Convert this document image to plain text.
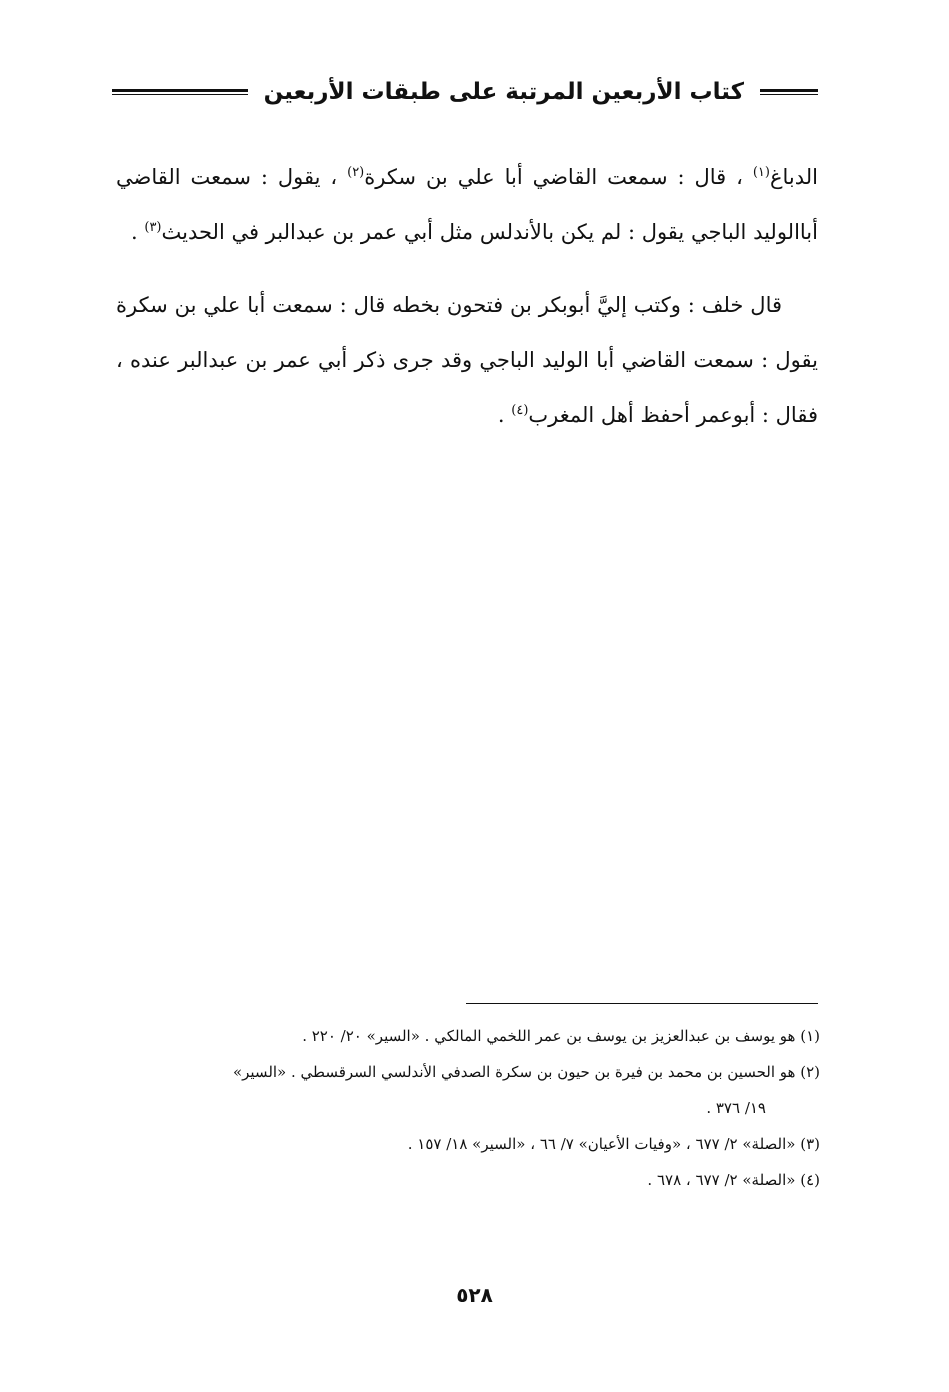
كتاب الأربعين المرتبة على طبقات الأربعين

الدباغ$^{(١)}$ ، قال : سمعت القاضي أبا علي بن سكرة$^{(٢)}$ ، يقول : سمعت القاضي أباالوليد الباجي يقول : لم يكن بالأندلس مثل أبي عمر بن عبدالبر في الحديث$^{(٣)}$ .

قال خلف : وكتب إليَّ أبوبكر بن فتحون بخطه قال : سمعت أبا علي بن سكرة يقول : سمعت القاضي أبا الوليد الباجي وقد جرى ذكر أبي عمر بن عبدالبر عنده ، فقال : أبوعمر أحفظ أهل المغرب$^{(٤)}$ .

(١) هو يوسف بن عبدالعزيز بن يوسف بن عمر اللخمي المالكي . «السير» ٢٠/ ٢٢٠ .

(٢) هو الحسين بن محمد بن فيرة بن حيون بن سكرة الصدفي الأندلسي السرقسطي . «السير»

١٩/ ٣٧٦ .

(٣) «الصلة» ٢/ ٦٧٧ ، «وفيات الأعيان» ٧/ ٦٦ ، «السير» ١٨/ ١٥٧ .

(٤) «الصلة» ٢/ ٦٧٧ ، ٦٧٨ .

٥٢٨
